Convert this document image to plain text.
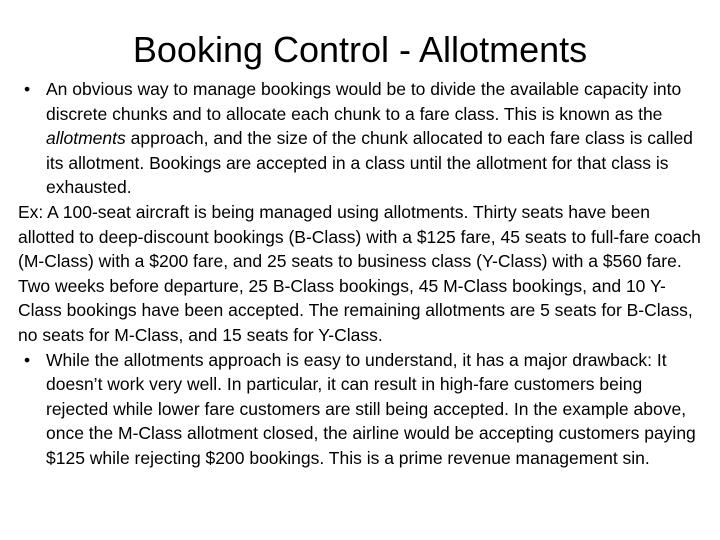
Booking Control - Allotments

• An obvious way to manage bookings would be to divide the available capacity into discrete chunks and to allocate each chunk to a fare class. This is known as the allotments approach, and the size of the chunk allocated to each fare class is called its allotment. Bookings are accepted in a class until the allotment for that class is exhausted.

Ex: A 100-seat aircraft is being managed using allotments. Thirty seats have been allotted to deep-discount bookings (B-Class) with a $125 fare, 45 seats to full-fare coach (M-Class) with a $200 fare, and 25 seats to business class (Y-Class) with a $560 fare. Two weeks before departure, 25 B-Class bookings, 45 M-Class bookings, and 10 Y-Class bookings have been accepted. The remaining allotments are 5 seats for B-Class, no seats for M-Class, and 15 seats for Y-Class.

• While the allotments approach is easy to understand, it has a major drawback: It doesn’t work very well. In particular, it can result in high-fare customers being rejected while lower fare customers are still being accepted. In the example above, once the M-Class allotment closed, the airline would be accepting customers paying $125 while rejecting $200 bookings. This is a prime revenue management sin.
